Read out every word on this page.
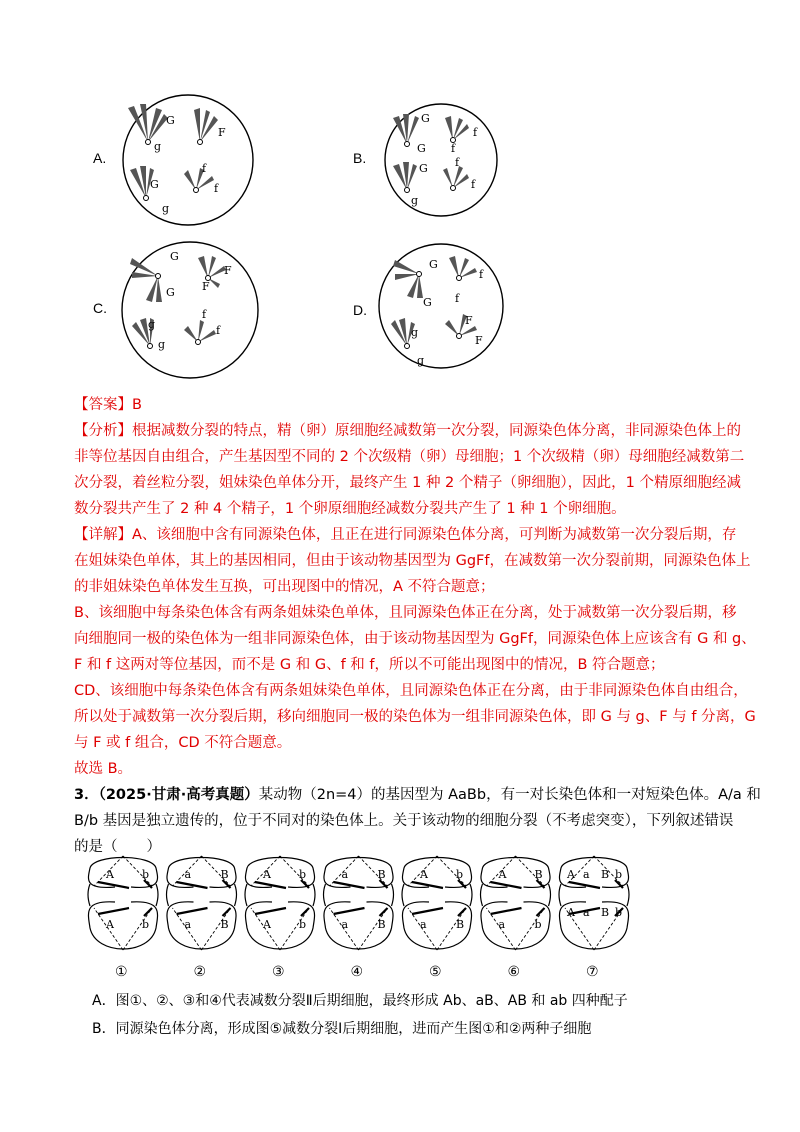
A.
G
g
F
G
g
f
f
B.
G
G
f
f
G
g
f
f
C.
G
G
F
F
g
g
f
f
D.
G
G
f
f
g
g
F
F
【答案】B
【分析】根据减数分裂的特点，精（卵）原细胞经减数第一次分裂，同源染色体分离，非同源染色体上的
非等位基因自由组合，产生基因型不同的 2 个次级精（卵）母细胞；1 个次级精（卵）母细胞经减数第二
次分裂，着丝粒分裂，姐妹染色单体分开，最终产生 1 种 2 个精子（卵细胞），因此，1 个精原细胞经减
数分裂共产生了 2 种 4 个精子，1 个卵原细胞经减数分裂共产生了 1 种 1 个卵细胞。
【详解】A、该细胞中含有同源染色体，且正在进行同源染色体分离，可判断为减数第一次分裂后期，存
在姐妹染色单体，其上的基因相同，但由于该动物基因型为 GgFf，在减数第一次分裂前期，同源染色体上
的非姐妹染色单体发生互换，可出现图中的情况，A 不符合题意；
B、该细胞中每条染色体含有两条姐妹染色单体，且同源染色体正在分离，处于减数第一次分裂后期，移
向细胞同一极的染色体为一组非同源染色体，由于该动物基因型为 GgFf，同源染色体上应该含有 G 和 g、
F 和 f 这两对等位基因，而不是 G 和 G、f 和 f，所以不可能出现图中的情况，B 符合题意；
CD、该细胞中每条染色体含有两条姐妹染色单体，且同源染色体正在分离，由于非同源染色体自由组合，
所以处于减数第一次分裂后期，移向细胞同一极的染色体为一组非同源染色体，即 G 与 g、F 与 f 分离，G
与 F 或 f 组合，CD 不符合题意。
故选 B。
3．（2025·甘肃·高考真题）某动物（2n=4）的基因型为 AaBb，有一对长染色体和一对短染色体。A/a 和
B/b 基因是独立遗传的，位于不同对的染色体上。关于该动物的细胞分裂（不考虑突变），下列叙述错误
的是（　　）
A	b
A	b
①
a	B
a	B
②
A	b
A	b
③
a	B
a	B
④
A	b
a	B
⑤
A	B
a	b
⑥
A a B b
A a B b
⑦
A．图①、②、③和④代表减数分裂Ⅱ后期细胞，最终形成 Ab、aB、AB 和 ab 四种配子
B．同源染色体分离，形成图⑤减数分裂Ⅰ后期细胞，进而产生图①和②两种子细胞
